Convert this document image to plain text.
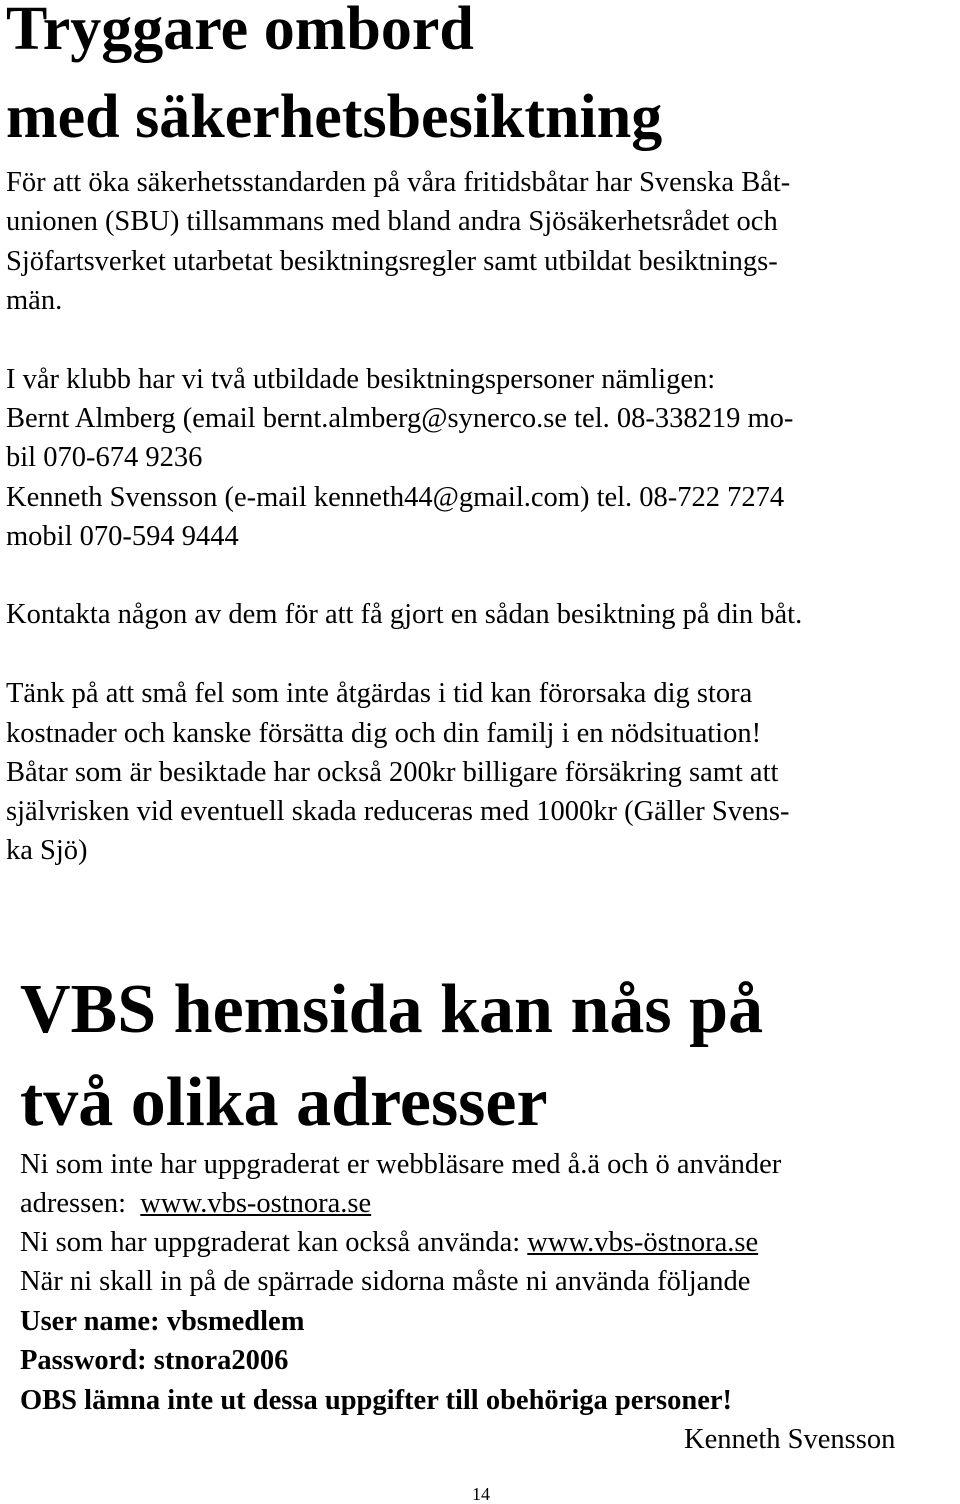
Tryggare ombord
med säkerhetsbesiktning

För att öka säkerhetsstandarden på våra fritidsbåtar har Svenska Båt-

unionen (SBU) tillsammans med bland andra Sjösäkerhetsrådet och

Sjöfartsverket utarbetat besiktningsregler samt utbildat besiktnings-

män.

I vår klubb har vi två utbildade besiktningspersoner nämligen:

Bernt Almberg (email bernt.almberg@synerco.se tel. 08-338219 mo-

bil 070-674 9236

Kenneth Svensson (e-mail kenneth44@gmail.com) tel. 08-722 7274

mobil 070-594 9444

Kontakta någon av dem för att få gjort en sådan besiktning på din båt.

Tänk på att små fel som inte åtgärdas i tid kan förorsaka dig stora

kostnader och kanske försätta dig och din familj i en nödsituation!

Båtar som är besiktade har också 200kr billigare försäkring samt att

självrisken vid eventuell skada reduceras med 1000kr (Gäller Svens-

ka Sjö)

VBS hemsida kan nås på
två olika adresser

Ni som inte har uppgraderat er webbläsare med å.ä och ö använder

adressen:  www.vbs-ostnora.se

Ni som har uppgraderat kan också använda: www.vbs-östnora.se

När ni skall in på de spärrade sidorna måste ni använda följande

User name: vbsmedlem

Password: stnora2006

OBS lämna inte ut dessa uppgifter till obehöriga personer!

Kenneth Svensson

14
